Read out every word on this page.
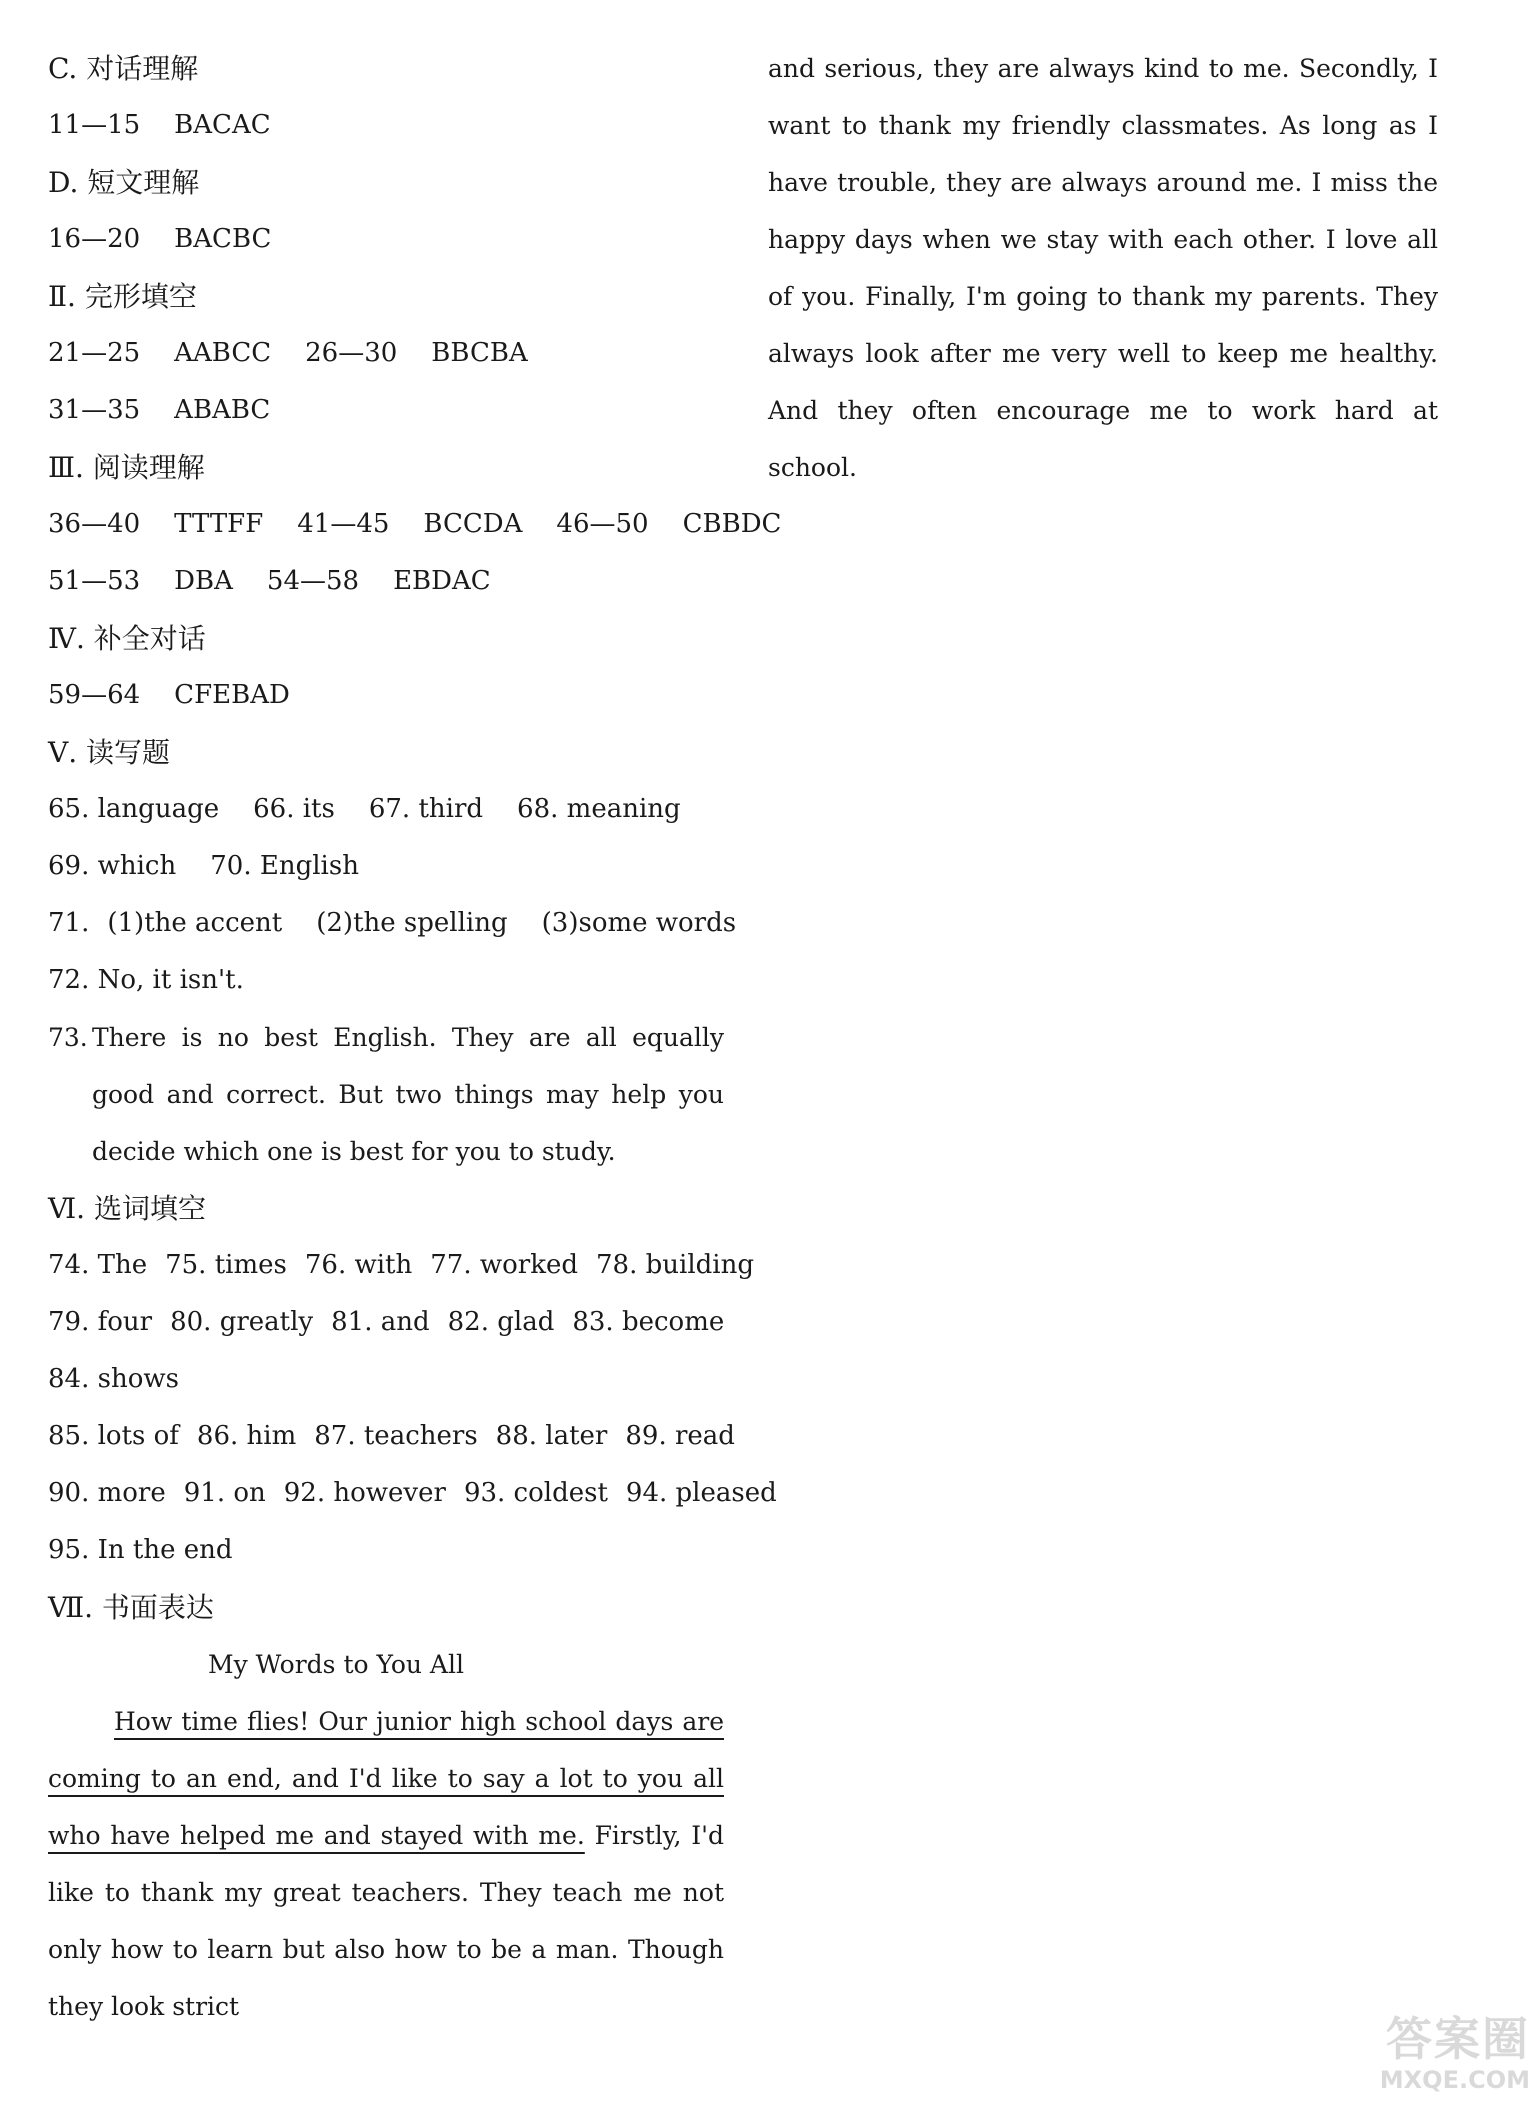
C. 对话理解
11—15 BACAC
D. 短文理解
16—20 BACBC
Ⅱ. 完形填空
21—25 AABCC 26—30 BBCBA
31—35 ABABC
Ⅲ. 阅读理解
36—40 TTTFF 41—45 BCCDA 46—50 CBBDC
51—53 DBA 54—58 EBDAC
Ⅳ. 补全对话
59—64 CFEBAD
Ⅴ. 读写题
65. language 66. its 67. third 68. meaning
69. which 70. English
71. (1)the accent (2)the spelling (3)some words
72. No, it isn't.
73. There is no best English. They are all equally good and correct. But two things may help you decide which one is best for you to study.
Ⅵ. 选词填空
74. The 75. times 76. with 77. worked 78. building
79. four 80. greatly 81. and 82. glad 83. become
84. shows
85. lots of 86. him 87. teachers 88. later 89. read
90. more 91. on 92. however 93. coldest 94. pleased
95. In the end
Ⅶ. 书面表达
My Words to You All
How time flies! Our junior high school days are coming to an end, and I'd like to say a lot to you all who have helped me and stayed with me. Firstly, I'd like to thank my great teachers. They teach me not only how to learn but also how to be a man. Though they look strict
and serious, they are always kind to me. Secondly, I want to thank my friendly classmates. As long as I have trouble, they are always around me. I miss the happy days when we stay with each other. I love all of you. Finally, I'm going to thank my parents. They always look after me very well to keep me healthy. And they often encourage me to work hard at school.
答案圈
MXQE.COM
